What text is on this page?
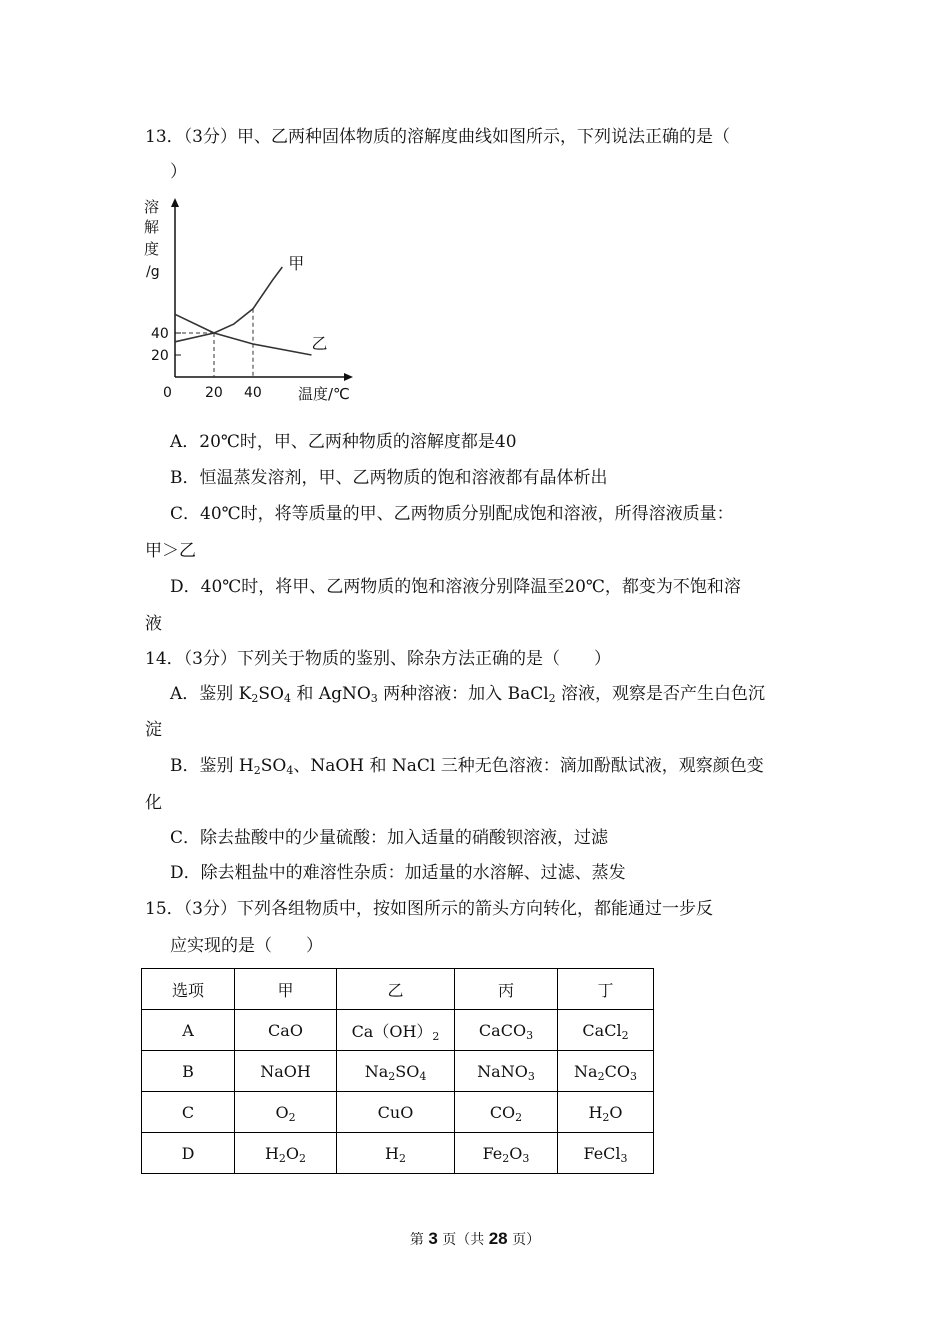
13．（3分）甲、乙两种固体物质的溶解度曲线如图所示，下列说法正确的是（
）
溶
解
度
/g	甲
乙
40
20
0 20 40 温度/℃
A．20℃时，甲、乙两种物质的溶解度都是40
B．恒温蒸发溶剂，甲、乙两物质的饱和溶液都有晶体析出
C．40℃时，将等质量的甲、乙两物质分别配成饱和溶液，所得溶液质量：
甲＞乙
D．40℃时，将甲、乙两物质的饱和溶液分别降温至20℃，都变为不饱和溶
液
14．（3分）下列关于物质的鉴别、除杂方法正确的是（　　）
A．鉴别 $K_2SO_4$ 和 AgNO$_3$ 两种溶液：加入 BaCl$_2$ 溶液，观察是否产生白色沉
淀
B．鉴别 $H_2SO_4$、NaOH 和 NaCl 三种无色溶液：滴加酚酞试液，观察颜色变
化
C．除去盐酸中的少量硫酸：加入适量的硝酸钡溶液，过滤
D．除去粗盐中的难溶性杂质：加适量的水溶解、过滤、蒸发
15．（3分）下列各组物质中，按如图所示的箭头方向转化，都能通过一步反
应实现的是（　　）
选项	甲	乙	丙	丁
A	CaO	$Ca(OH)_2$	CaCO$_3$	CaCl$_2$
B	NaOH	$Na_2SO_4$	NaNO$_3$	$Na_2CO_3$
C	$O_2$	CuO	$CO_2$	$H_2O$
D	$H_2O_2$	$H_2$	$Fe_2O_3$	FeCl$_3$
第 3 页（共 28 页）
